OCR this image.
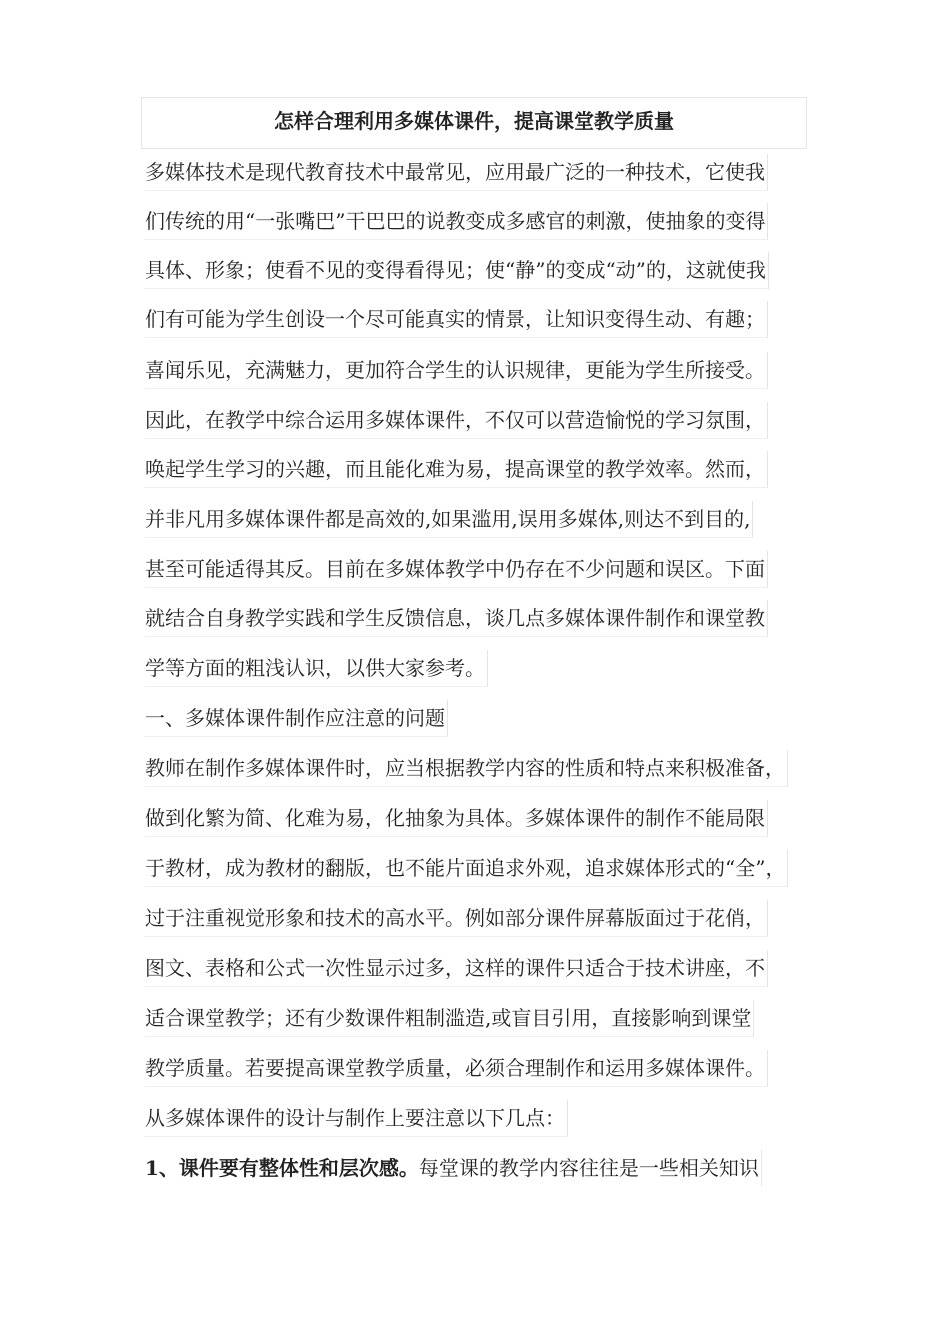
怎样合理利用多媒体课件，提高课堂教学质量
多媒体技术是现代教育技术中最常见，应用最广泛的一种技术，它使我
们传统的用“一张嘴巴”干巴巴的说教变成多感官的刺激，使抽象的变得
具体、形象；使看不见的变得看得见；使“静”的变成“动”的，这就使我
们有可能为学生创设一个尽可能真实的情景，让知识变得生动、有趣；
喜闻乐见，充满魅力，更加符合学生的认识规律，更能为学生所接受。
因此，在教学中综合运用多媒体课件，不仅可以营造愉悦的学习氛围，
唤起学生学习的兴趣，而且能化难为易，提高课堂的教学效率。然而，
并非凡用多媒体课件都是高效的,如果滥用,误用多媒体,则达不到目的,
甚至可能适得其反。目前在多媒体教学中仍存在不少问题和误区。下面
就结合自身教学实践和学生反馈信息，谈几点多媒体课件制作和课堂教
学等方面的粗浅认识，以供大家参考。
一、多媒体课件制作应注意的问题
教师在制作多媒体课件时，应当根据教学内容的性质和特点来积极准备，
做到化繁为简、化难为易，化抽象为具体。多媒体课件的制作不能局限
于教材，成为教材的翻版，也不能片面追求外观，追求媒体形式的“全”，
过于注重视觉形象和技术的高水平。例如部分课件屏幕版面过于花俏，
图文、表格和公式一次性显示过多，这样的课件只适合于技术讲座，不
适合课堂教学；还有少数课件粗制滥造,或盲目引用，直接影响到课堂
教学质量。若要提高课堂教学质量，必须合理制作和运用多媒体课件。
从多媒体课件的设计与制作上要注意以下几点：
1、课件要有整体性和层次感。每堂课的教学内容往往是一些相关知识
